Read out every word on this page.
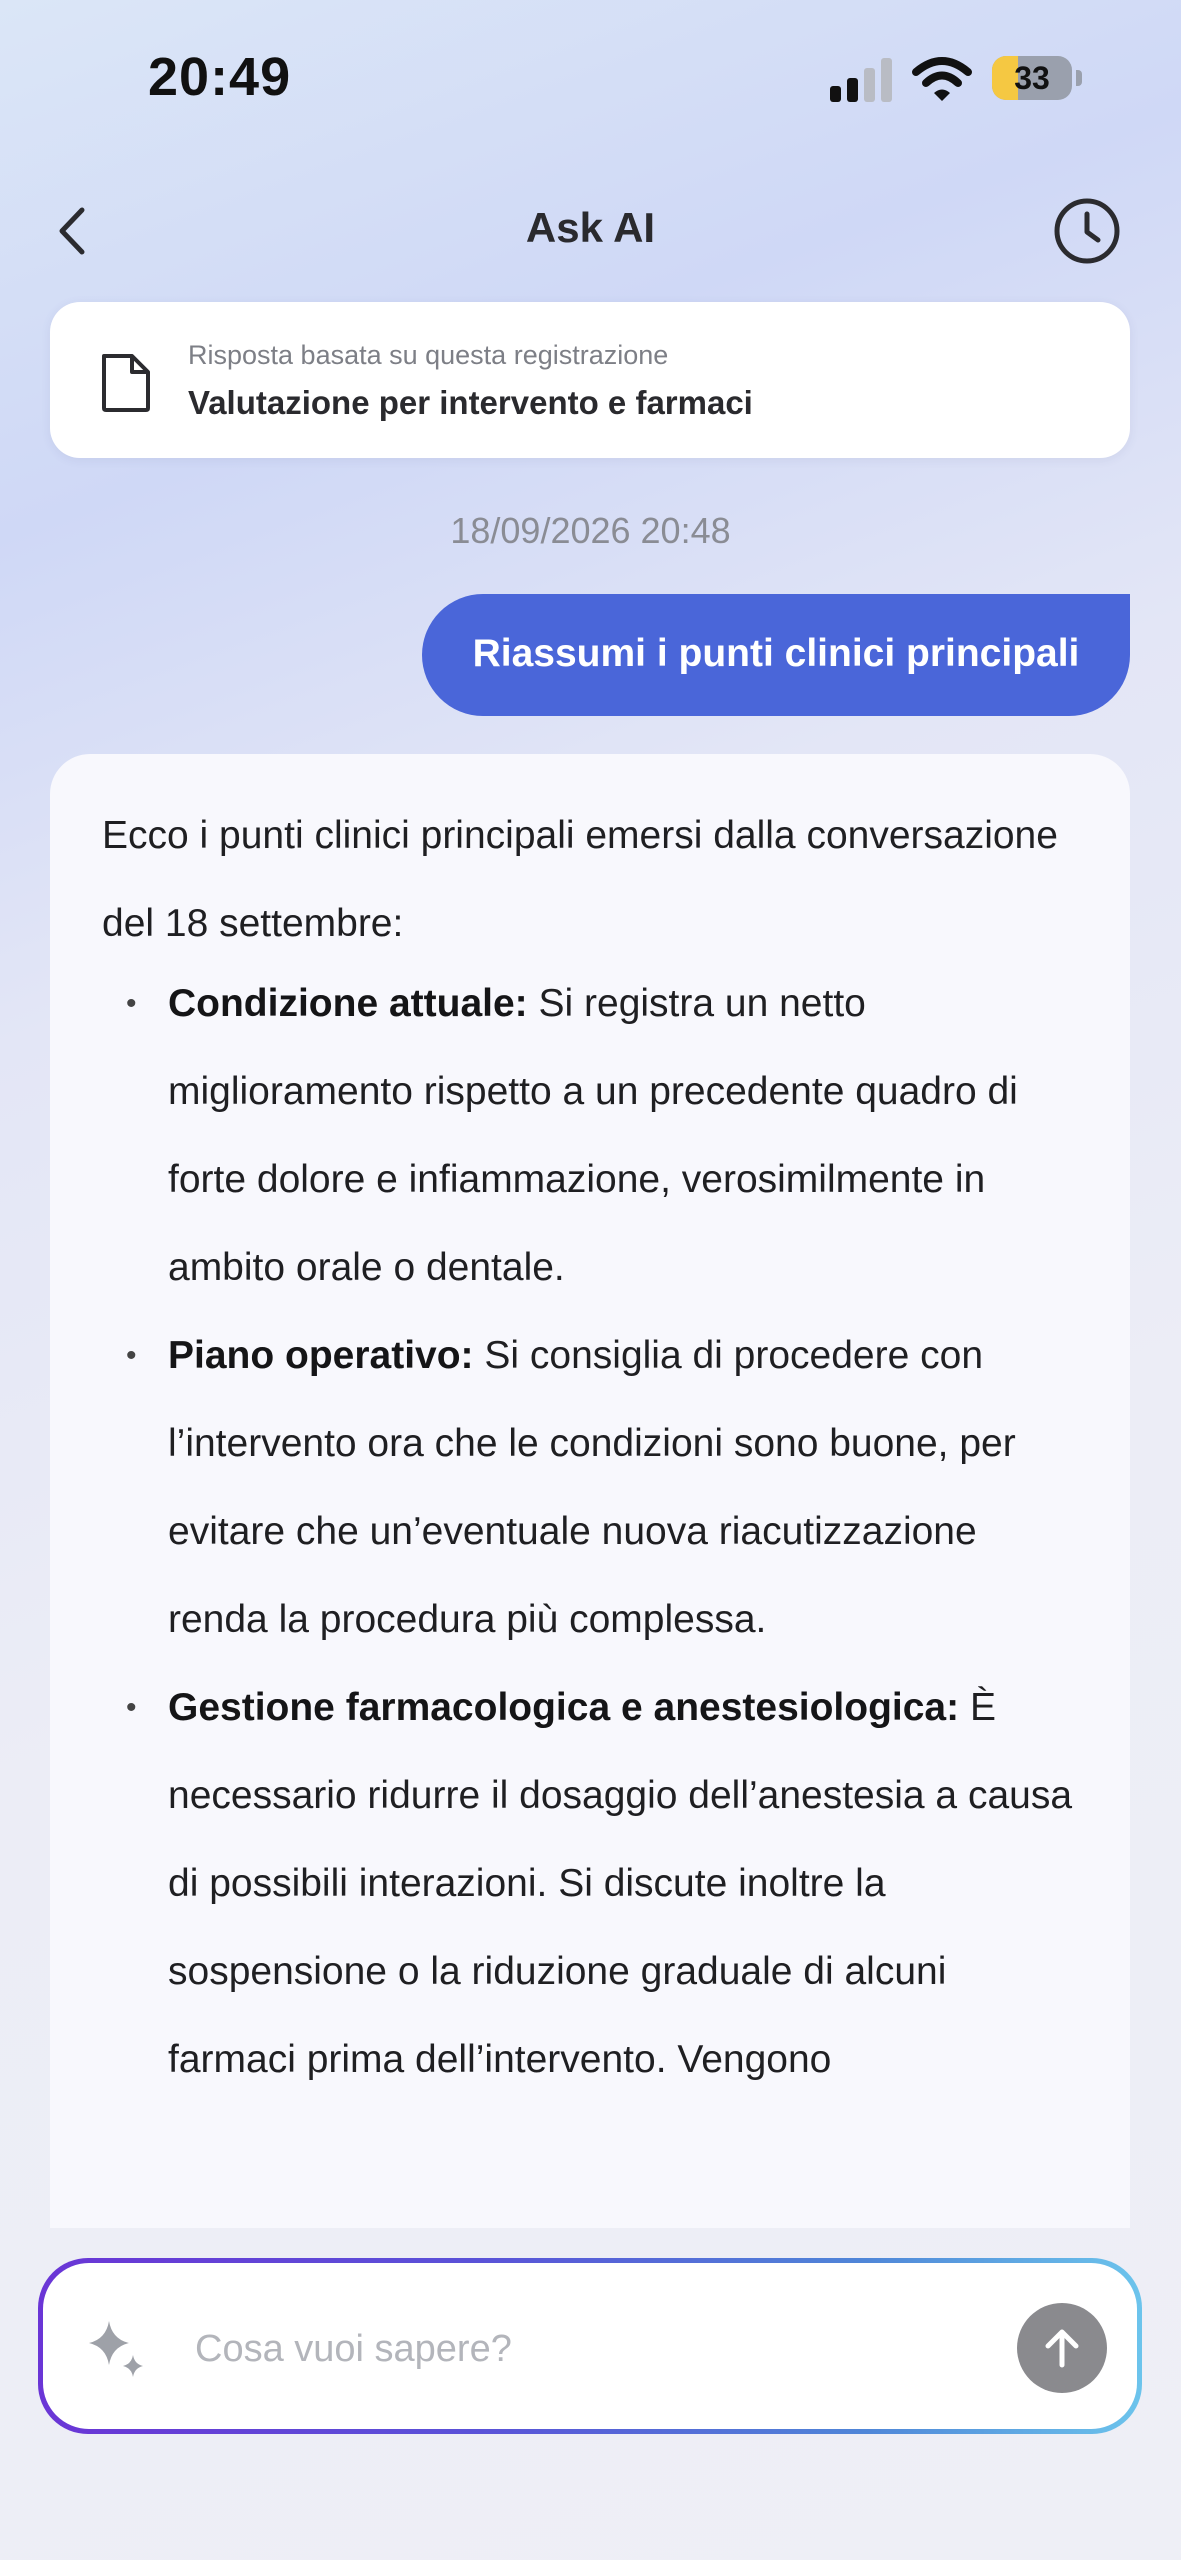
20:49	33
Ask AI
Risposta basata su questa registrazione
Valutazione per intervento e farmaci
18/09/2026 20:48
Riassumi i punti clinici principali

Ecco i punti clinici principali emersi dalla conversazione del 18 settembre:

• Condizione attuale: Si registra un netto miglioramento rispetto a un precedente quadro di forte dolore e infiammazione, verosimilmente in ambito orale o dentale.
• Piano operativo: Si consiglia di procedere con l’intervento ora che le condizioni sono buone, per evitare che un’eventuale nuova riacutizzazione renda la procedura più complessa.
• Gestione farmacologica e anestesiologica: È necessario ridurre il dosaggio dell’anestesia a causa di possibili interazioni. Si discute inoltre la sospensione o la riduzione graduale di alcuni farmaci prima dell’intervento. Vengono
Cosa vuoi sapere?
